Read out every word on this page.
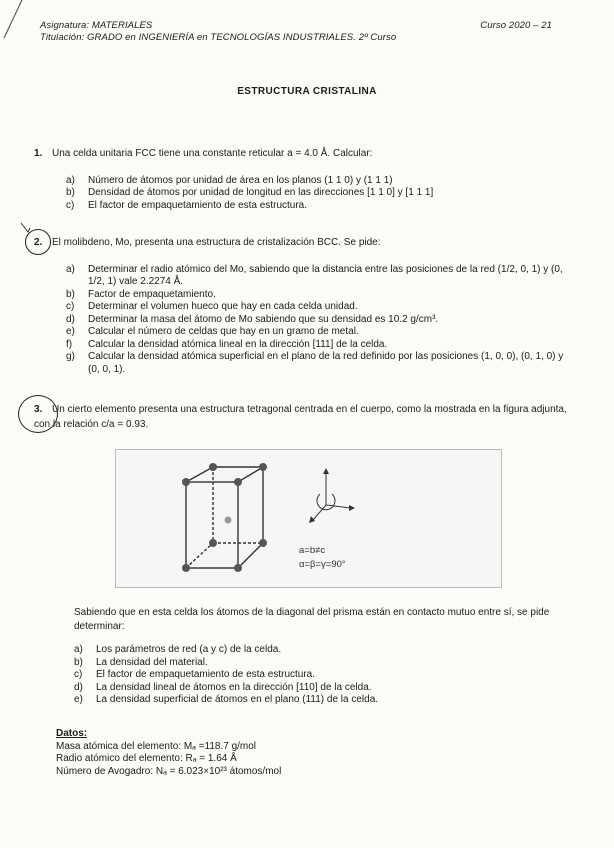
Asignatura: MATERIALES
Titulación: GRADO en INGENIERÍA en TECNOLOGÍAS INDUSTRIALES. 2º Curso
Curso 2020 – 21
ESTRUCTURA CRISTALINA

1. Una celda unitaria FCC tiene una constante reticular a = 4.0 Å. Calcular:

a) Número de átomos por unidad de área en los planos (1 1 0) y (1 1 1)
b) Densidad de átomos por unidad de longitud en las direcciones [1 1 0] y [1 1 1]
c) El factor de empaquetamiento de esta estructura.

2. El molibdeno, Mo, presenta una estructura de cristalización BCC. Se pide:

a) Determinar el radio atómico del Mo, sabiendo que la distancia entre las posiciones de la red (1/2, 0, 1) y (0, 1/2, 1) vale 2.2274 Å.
b) Factor de empaquetamiento.
c) Determinar el volumen hueco que hay en cada celda unidad.
d) Determinar la masa del átomo de Mo sabiendo que su densidad es 10.2 g/cm³.
e) Calcular el número de celdas que hay en un gramo de metal.
f) Calcular la densidad atómica lineal en la dirección [111] de la celda.
g) Calcular la densidad atómica superficial en el plano de la red definido por las posiciones (1, 0, 0), (0, 1, 0) y (0, 0, 1).

3. Un cierto elemento presenta una estructura tetragonal centrada en el cuerpo, como la mostrada en la figura adjunta, con la relación c/a = 0.93.

a=b≠c
α=β=γ=90°

Sabiendo que en esta celda los átomos de la diagonal del prisma están en contacto mutuo entre sí, se pide determinar:

a) Los parámetros de red (a y c) de la celda.
b) La densidad del material.
c) El factor de empaquetamiento de esta estructura.
d) La densidad lineal de átomos en la dirección [110] de la celda.
e) La densidad superficial de átomos en el plano (111) de la celda.
Datos:
Masa atómica del elemento: Mₐ =118.7 g/mol
Radio atómico del elemento: Rₐ = 1.64 Å
Número de Avogadro: Nₐ = 6.023×10²³ átomos/mol
